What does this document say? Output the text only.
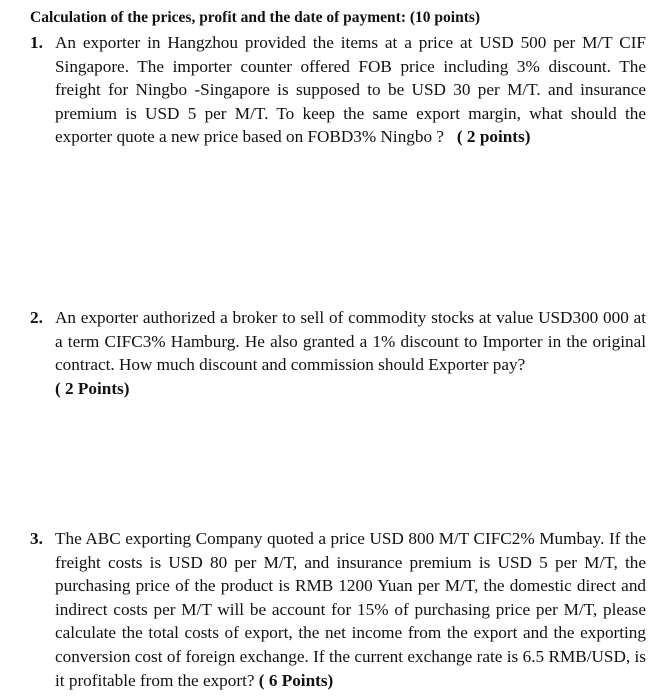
Calculation of the prices, profit and the date of payment: (10 points)
1. An exporter in Hangzhou provided the items at a price at USD 500 per M/T CIF Singapore. The importer counter offered FOB price including 3% discount. The freight for Ningbo -Singapore is supposed to be USD 30 per M/T. and insurance premium is USD 5 per M/T. To keep the same export margin, what should the exporter quote a new price based on FOBD3% Ningbo ? ( 2 points)
2. An exporter authorized a broker to sell of commodity stocks at value USD300 000 at a term CIFC3% Hamburg. He also granted a 1% discount to Importer in the original contract. How much discount and commission should Exporter pay?
( 2 Points)
3. The ABC exporting Company quoted a price USD 800 M/T CIFC2% Mumbay. If the freight costs is USD 80 per M/T, and insurance premium is USD 5 per M/T, the purchasing price of the product is RMB 1200 Yuan per M/T, the domestic direct and indirect costs per M/T will be account for 15% of purchasing price per M/T, please calculate the total costs of export, the net income from the export and the exporting conversion cost of foreign exchange. If the current exchange rate is 6.5 RMB/USD, is it profitable from the export? ( 6 Points)
